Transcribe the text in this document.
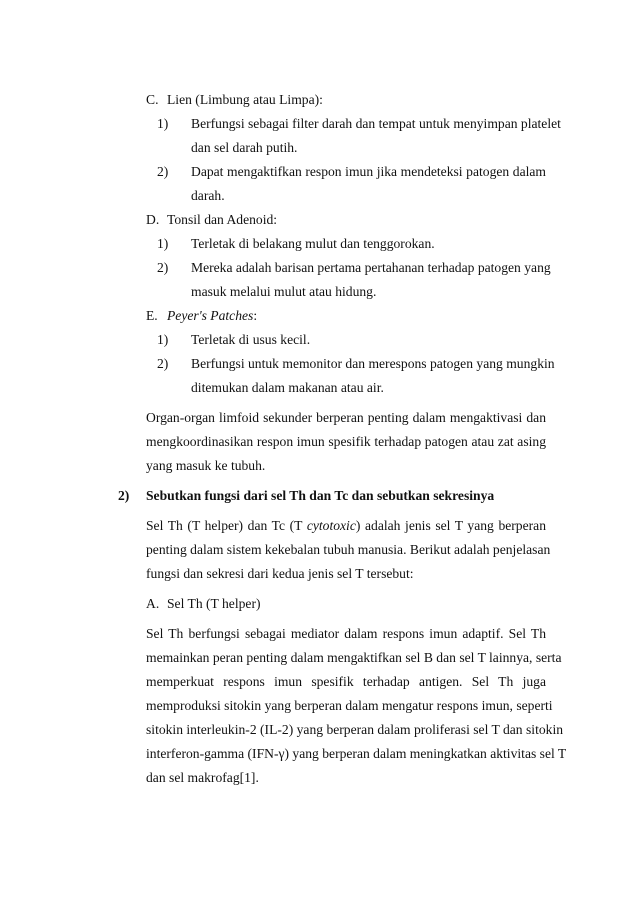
C. Lien (Limbung atau Limpa):
1) Berfungsi sebagai filter darah dan tempat untuk menyimpan platelet
dan sel darah putih.
2) Dapat mengaktifkan respon imun jika mendeteksi patogen dalam
darah.
D. Tonsil dan Adenoid:
1) Terletak di belakang mulut dan tenggorokan.
2) Mereka adalah barisan pertama pertahanan terhadap patogen yang
masuk melalui mulut atau hidung.
E. Peyer's Patches:
1) Terletak di usus kecil.
2) Berfungsi untuk memonitor dan merespons patogen yang mungkin
ditemukan dalam makanan atau air.
Organ-organ limfoid sekunder berperan penting dalam mengaktivasi dan
mengkoordinasikan respon imun spesifik terhadap patogen atau zat asing
yang masuk ke tubuh.
2) Sebutkan fungsi dari sel Th dan Tc dan sebutkan sekresinya
Sel Th (T helper) dan Tc (T cytotoxic) adalah jenis sel T yang berperan
penting dalam sistem kekebalan tubuh manusia. Berikut adalah penjelasan
fungsi dan sekresi dari kedua jenis sel T tersebut:
A. Sel Th (T helper)
Sel Th berfungsi sebagai mediator dalam respons imun adaptif. Sel Th
memainkan peran penting dalam mengaktifkan sel B dan sel T lainnya, serta
memperkuat respons imun spesifik terhadap antigen. Sel Th juga
memproduksi sitokin yang berperan dalam mengatur respons imun, seperti
sitokin interleukin-2 (IL-2) yang berperan dalam proliferasi sel T dan sitokin
interferon-gamma (IFN-γ) yang berperan dalam meningkatkan aktivitas sel T
dan sel makrofag[1].
